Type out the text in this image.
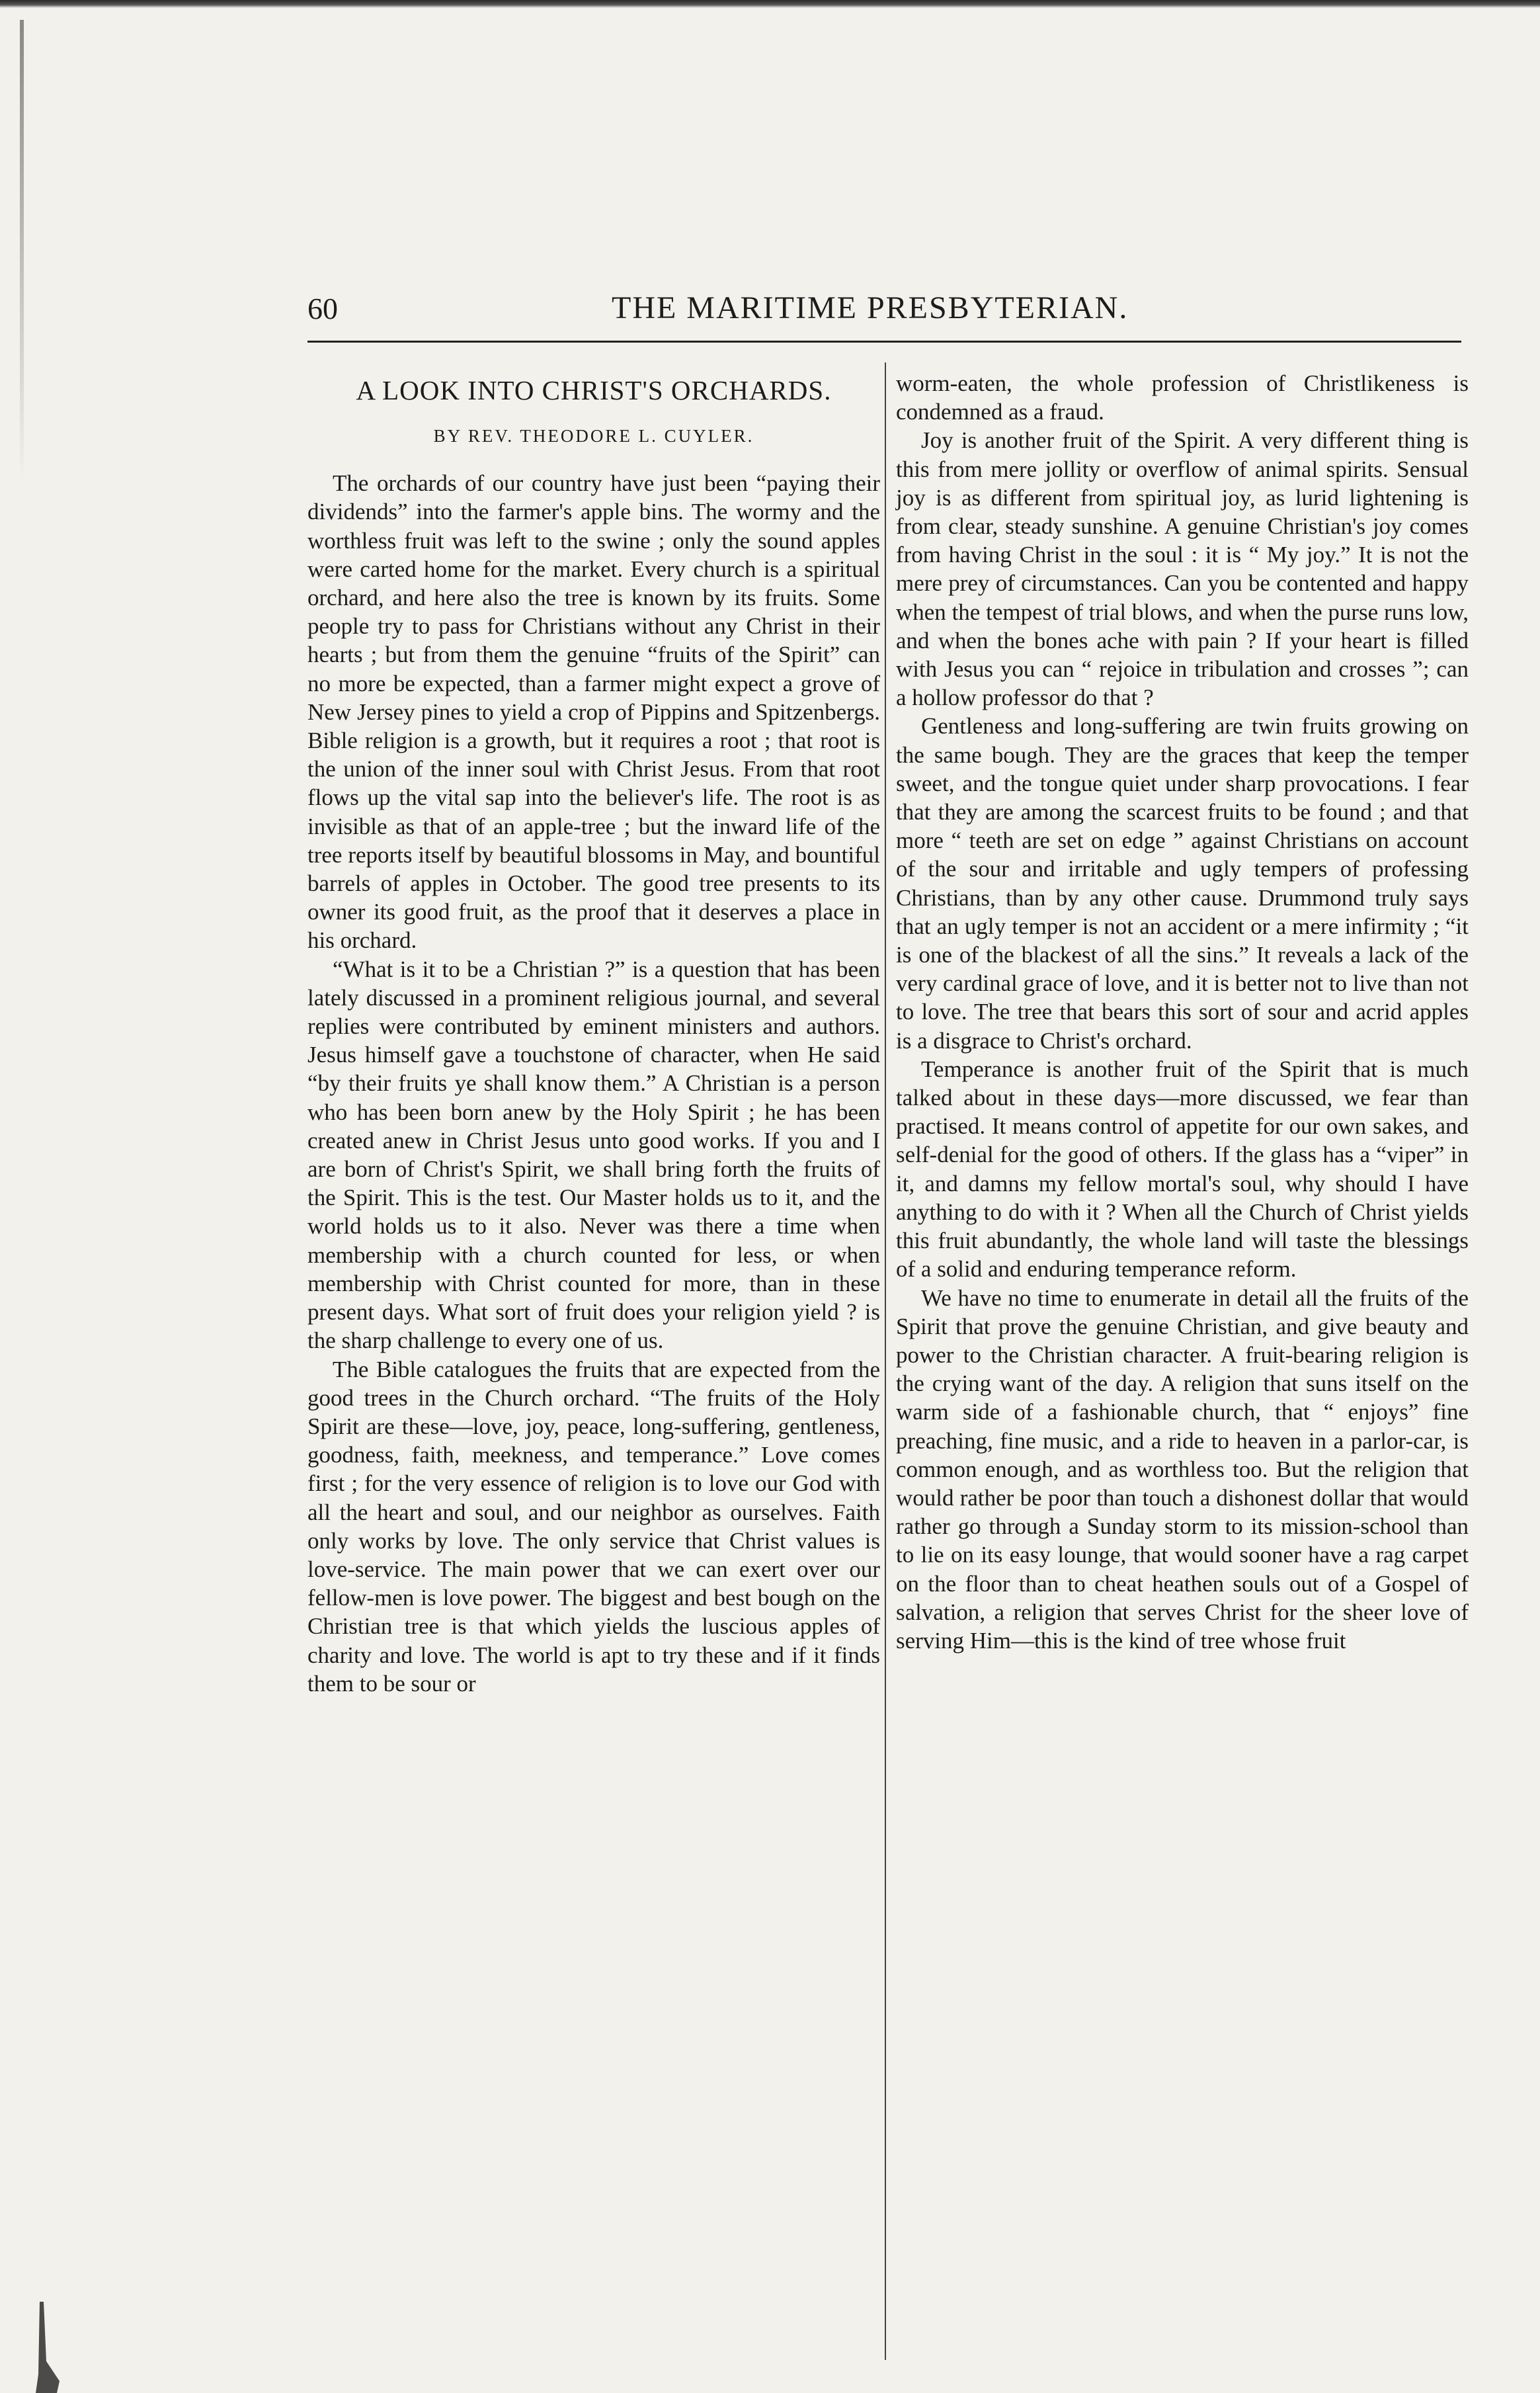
60	THE MARITIME PRESBYTERIAN.
A LOOK INTO CHRIST'S ORCHARDS.
BY REV. THEODORE L. CUYLER.

The orchards of our country have just been “paying their dividends” into the farmer's apple bins. The wormy and the worthless fruit was left to the swine ; only the sound apples were carted home for the market. Every church is a spiritual orchard, and here also the tree is known by its fruits. Some people try to pass for Christians without any Christ in their hearts ; but from them the genuine “fruits of the Spirit” can no more be expected, than a farmer might expect a grove of New Jersey pines to yield a crop of Pippins and Spitzenbergs. Bible religion is a growth, but it requires a root ; that root is the union of the inner soul with Christ Jesus. From that root flows up the vital sap into the believer's life. The root is as invisible as that of an apple-tree ; but the inward life of the tree reports itself by beautiful blossoms in May, and bountiful barrels of apples in October. The good tree presents to its owner its good fruit, as the proof that it deserves a place in his orchard.

“What is it to be a Christian ?” is a question that has been lately discussed in a prominent religious journal, and several replies were contributed by eminent ministers and authors. Jesus himself gave a touchstone of character, when He said “by their fruits ye shall know them.” A Christian is a person who has been born anew by the Holy Spirit ; he has been created anew in Christ Jesus unto good works. If you and I are born of Christ's Spirit, we shall bring forth the fruits of the Spirit. This is the test. Our Master holds us to it, and the world holds us to it also. Never was there a time when membership with a church counted for less, or when membership with Christ counted for more, than in these present days. What sort of fruit does your religion yield ? is the sharp challenge to every one of us.

The Bible catalogues the fruits that are expected from the good trees in the Church orchard. “The fruits of the Holy Spirit are these—love, joy, peace, long-suffering, gentleness, goodness, faith, meekness, and temperance.” Love comes first ; for the very essence of religion is to love our God with all the heart and soul, and our neighbor as ourselves. Faith only works by love. The only service that Christ values is love-service. The main power that we can exert over our fellow-men is love power. The biggest and best bough on the Christian tree is that which yields the luscious apples of charity and love. The world is apt to try these and if it finds them to be sour or

worm-eaten, the whole profession of Christlikeness is condemned as a fraud.

Joy is another fruit of the Spirit. A very different thing is this from mere jollity or overflow of animal spirits. Sensual joy is as different from spiritual joy, as lurid lightening is from clear, steady sunshine. A genuine Christian's joy comes from having Christ in the soul : it is “ My joy.” It is not the mere prey of circumstances. Can you be contented and happy when the tempest of trial blows, and when the purse runs low, and when the bones ache with pain ? If your heart is filled with Jesus you can “ rejoice in tribulation and crosses ”; can a hollow professor do that ?

Gentleness and long-suffering are twin fruits growing on the same bough. They are the graces that keep the temper sweet, and the tongue quiet under sharp provocations. I fear that they are among the scarcest fruits to be found ; and that more “ teeth are set on edge ” against Christians on account of the sour and irritable and ugly tempers of professing Christians, than by any other cause. Drummond truly says that an ugly temper is not an accident or a mere infirmity ; “it is one of the blackest of all the sins.” It reveals a lack of the very cardinal grace of love, and it is better not to live than not to love. The tree that bears this sort of sour and acrid apples is a disgrace to Christ's orchard.

Temperance is another fruit of the Spirit that is much talked about in these days—more discussed, we fear than practised. It means control of appetite for our own sakes, and self-denial for the good of others. If the glass has a “viper” in it, and damns my fellow mortal's soul, why should I have anything to do with it ? When all the Church of Christ yields this fruit abundantly, the whole land will taste the blessings of a solid and enduring temperance reform.

We have no time to enumerate in detail all the fruits of the Spirit that prove the genuine Christian, and give beauty and power to the Christian character. A fruit-bearing religion is the crying want of the day. A religion that suns itself on the warm side of a fashionable church, that “ enjoys” fine preaching, fine music, and a ride to heaven in a parlor-car, is common enough, and as worthless too. But the religion that would rather be poor than touch a dishonest dollar that would rather go through a Sunday storm to its mission-school than to lie on its easy lounge, that would sooner have a rag carpet on the floor than to cheat heathen souls out of a Gospel of salvation, a religion that serves Christ for the sheer love of serving Him—this is the kind of tree whose fruit
